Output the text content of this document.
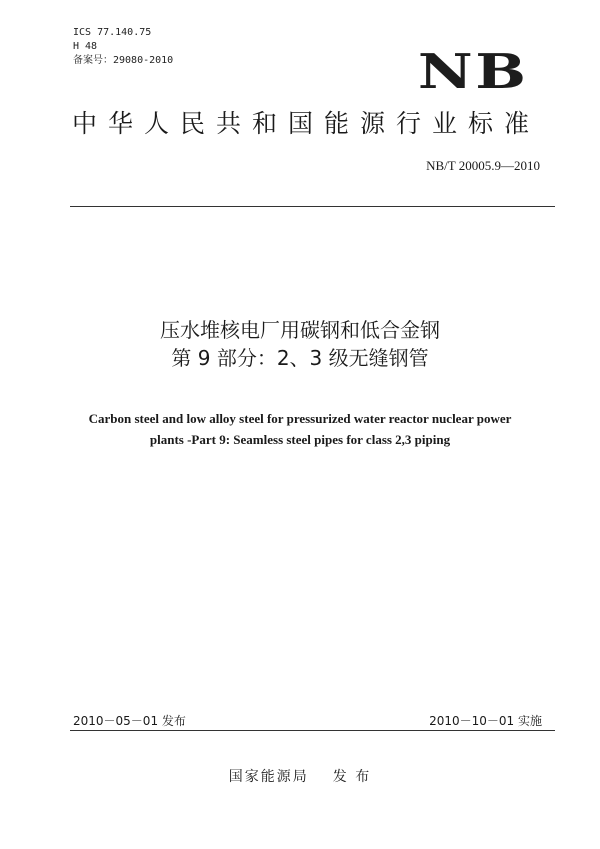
ICS 77.140.75
H 48
备案号：29080-2010	NB
中华人民共和国能源行业标准
NB/T 20005.9—2010
压水堆核电厂用碳钢和低合金钢
第 9 部分：2、3 级无缝钢管
Carbon steel and low alloy steel for pressurized water reactor nuclear power
plants -Part 9: Seamless steel pipes for class 2,3 piping
2010－05－01 发布	2010－10－01 实施
国家能源局 发 布
